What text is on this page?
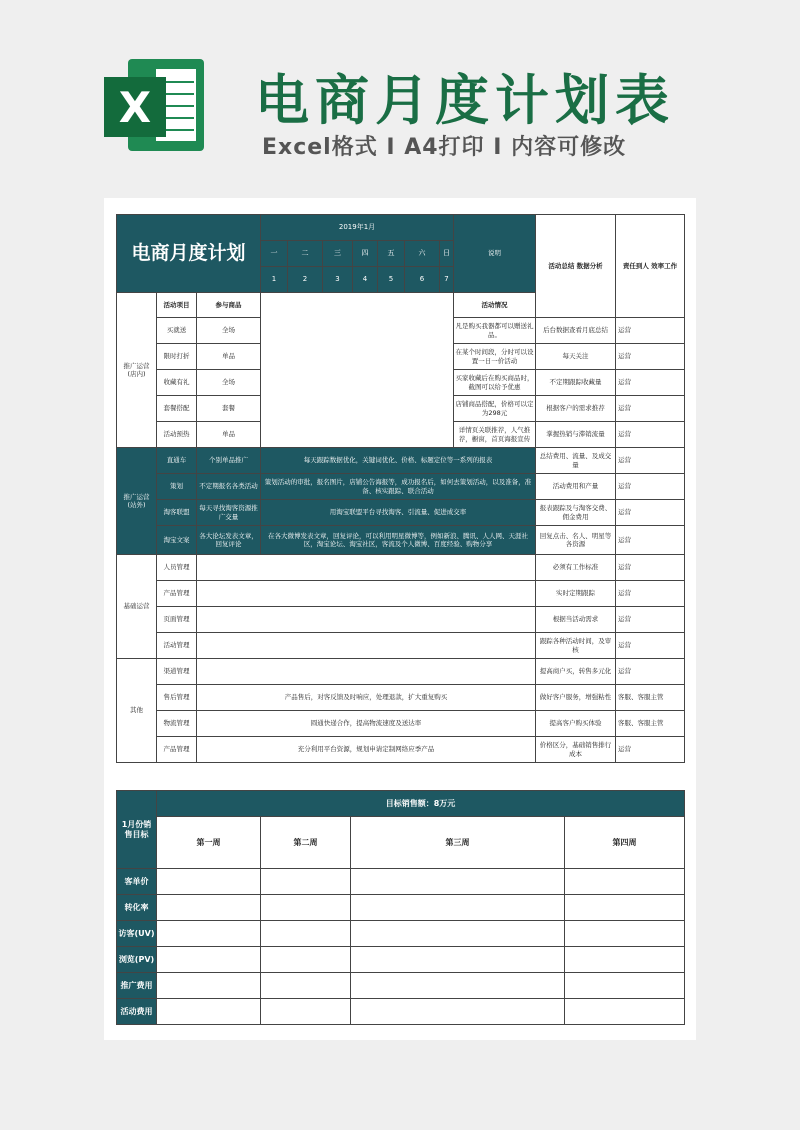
X 电商月度计划表
Excel格式 I A4打印 I 内容可修改
电商月度计划			2019年1月							说明	活动总结 数据分析	责任到人 效率工作
			一	二	三	四	五	六	日			
			1	2	3	4	5	6	7			
推广运营 (店内)	活动项目	参与商品								活动情况		
	买就送	全场								凡是购买我器都可以赠送礼品。	后台数据查看月底总结	运营
	限时打折	单品								在某个时间段，分时可以设置一日一价活动	每天关注	运营
	收藏有礼	全场								买家收藏后在购买商品时，截图可以给予优惠	不定期跟踪收藏量	运营
	套餐搭配	套餐								店铺商品搭配，价格可以定为298元	根据客户的需求推荐	运营
	活动预热	单品								详情页关联推荐，人气推荐，橱窗，首页海报宣传	掌握热销与滞销流量	运营
推广运营 (站外)	直通车	个别单品推广	每天跟踪数据优化，关键词优化、价格、标题定位等一系列的报表								总结费用、流量、及成交量	运营
	策划	不定期报名各类活动	策划活动的审批，报名图片，店铺公告海报等，成功报名后，如何去策划活动，以及准备，准备、核实跟踪、联合活动								活动费用和产量	运营
	淘客联盟	每天寻找淘客资源推广交量	用淘宝联盟平台寻找淘客、引流量、促进成交率								报表跟踪及与淘客交费、佣金费用	运营
	淘宝文案	各大论坛发表文章，回复评论	在各大微博发表文章，回复评论，可以利用明星微博等，例如新浪、腾讯、人人网、天涯社区，淘宝论坛、淘宝社区，客流及个人微博、百度经验、购物分享								回复点击、名人、明星等各资源	运营
基础运营	人员管理										必须有工作标准	运营
	产品管理										实时定期跟踪	运营
	页面管理										根据当活动需求	运营
	活动管理										跟踪各种活动时间，及审核	运营
其他	渠道管理										提高商户买，转售多元化	运营
	售后管理	产品售后，对客反馈及时响应，处理退款，扩大重复购买									做好客户服务，增强粘性	客服、客服主管
	物流管理	圆通快递合作，提高物流速度及送达率									提高客户购买体验	客服、客服主管
	产品管理	充分利用平台资源，规划申请定制网络应季产品									价格区分，基础销售排行成本	运营
1月份销售目标	目标销售额：8万元			
	第一周	第二周	第三周	第四周
客单价				
转化率				
访客(UV)				
浏览(PV)				
推广费用				
活动费用				
